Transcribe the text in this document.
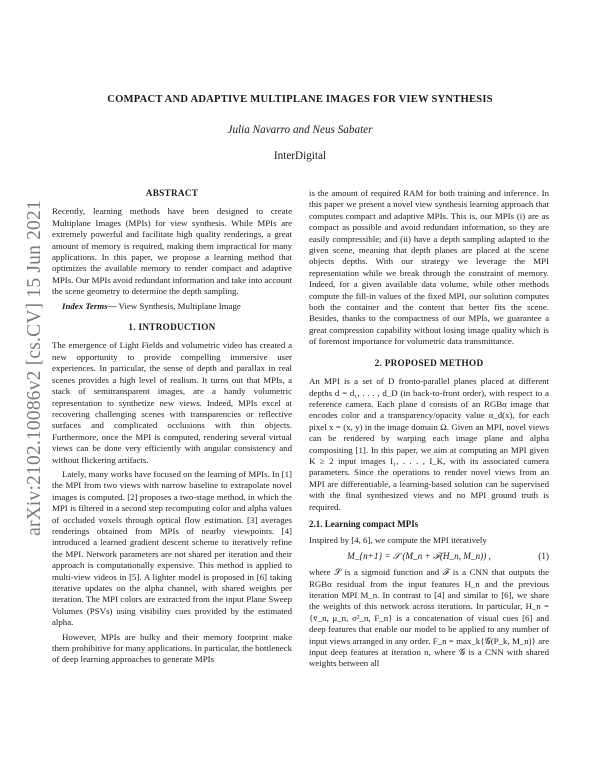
arXiv:2102.10086v2 [cs.CV] 15 Jun 2021
COMPACT AND ADAPTIVE MULTIPLANE IMAGES FOR VIEW SYNTHESIS
Julia Navarro and Neus Sabater
InterDigital
ABSTRACT

Recently, learning methods have been designed to create Multiplane Images (MPIs) for view synthesis. While MPIs are extremely powerful and facilitate high quality renderings, a great amount of memory is required, making them impractical for many applications. In this paper, we propose a learning method that optimizes the available memory to render compact and adaptive MPIs. Our MPIs avoid redundant information and take into account the scene geometry to determine the depth sampling.

Index Terms— View Synthesis, Multiplane Image

1. INTRODUCTION

The emergence of Light Fields and volumetric video has created a new opportunity to provide compelling immersive user experiences. In particular, the sense of depth and parallax in real scenes provides a high level of realism. It turns out that MPIs, a stack of semitransparent images, are a handy volumetric representation to synthetize new views. Indeed, MPIs excel at recovering challenging scenes with transparencies or reflective surfaces and complicated occlusions with thin objects. Furthermore, once the MPI is computed, rendering several virtual views can be done very efficiently with angular consistency and without flickering artifacts.

Lately, many works have focused on the learning of MPIs. In [1] the MPI from two views with narrow baseline to extrapolate novel images is computed. [2] proposes a two-stage method, in which the MPI is filtered in a second step recomputing color and alpha values of occluded voxels through optical flow estimation. [3] averages renderings obtained from MPIs of nearby viewpoints. [4] introduced a learned gradient descent scheme to iteratively refine the MPI. Network parameters are not shared per iteration and their approach is computationally expensive. This method is applied to multi-view videos in [5]. A lighter model is proposed in [6] taking iterative updates on the alpha channel, with shared weights per iteration. The MPI colors are extracted from the input Plane Sweep Volumes (PSVs) using visibility cues provided by the estimated alpha.

However, MPIs are bulky and their memory footprint make them prohibitive for many applications. In particular, the bottleneck of deep learning approaches to generate MPIs

is the amount of required RAM for both training and inference. In this paper we present a novel view synthesis learning approach that computes compact and adaptive MPIs. This is, our MPIs (i) are as compact as possible and avoid redundant information, so they are easily compressible; and (ii) have a depth sampling adapted to the given scene, meaning that depth planes are placed at the scene objects depths. With our strategy we leverage the MPI representation while we break through the constraint of memory. Indeed, for a given available data volume, while other methods compute the fill-in values of the fixed MPI, our solution computes both the container and the content that better fits the scene. Besides, thanks to the compactness of our MPIs, we guarantee a great compression capability without losing image quality which is of foremost importance for volumetric data transmittance.

2. PROPOSED METHOD

An MPI is a set of D fronto-parallel planes placed at different depths d = d₁, . . . , d_D (in back-to-front order), with respect to a reference camera. Each plane d consists of an RGBα image that encodes color and a transparency/opacity value α_d(x), for each pixel x = (x, y) in the image domain Ω. Given an MPI, novel views can be rendered by warping each image plane and alpha compositing [1]. In this paper, we aim at computing an MPI given K ≥ 2 input images I₁, . . . , I_K, with its associated camera parameters. Since the operations to render novel views from an MPI are differentiable, a learning-based solution can be supervised with the final synthesized views and no MPI ground truth is required.

2.1. Learning compact MPIs

Inspired by [4, 6], we compute the MPI iteratively

M_{n+1} = 𝒮 (M_n + ℱ(H_n, M_n)) ,	(1)

where 𝒮 is a sigmoid function and ℱ is a CNN that outputs the RGBα residual from the input features H_n and the previous iteration MPI M_n. In contrast to [4] and similar to [6], we share the weights of this network across iterations. In particular, H_n = {v̄_n, μ_n, σ²_n, F_n} is a concatenation of visual cues [6] and deep features that enable our model to be applied to any number of input views arranged in any order. F_n = max_k{𝒢(P_k, M_n)} are input deep features at iteration n, where 𝒢 is a CNN with shared weights between all
